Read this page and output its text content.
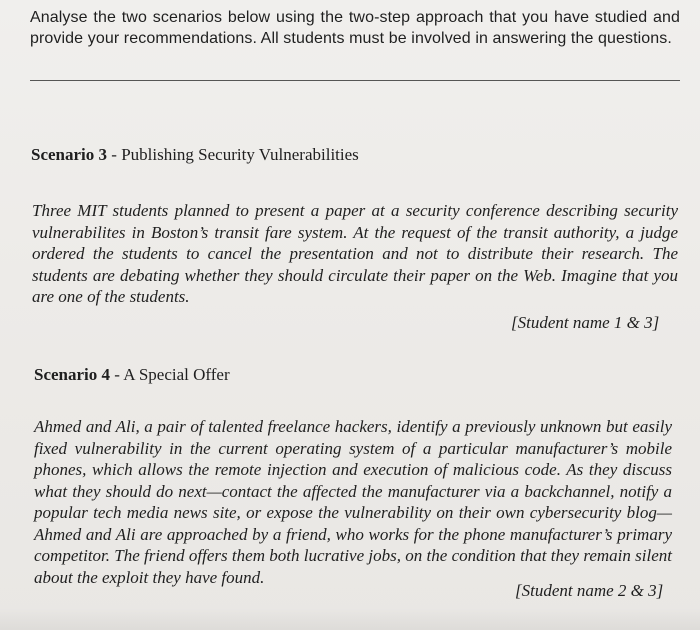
Analyse the two scenarios below using the two-step approach that you have studied and provide your recommendations. All students must be involved in answering the questions.
Scenario 3 - Publishing Security Vulnerabilities
Three MIT students planned to present a paper at a security conference describing security vulnerabilites in Boston’s transit fare system. At the request of the transit authority, a judge ordered the students to cancel the presentation and not to distribute their research. The students are debating whether they should circulate their paper on the Web. Imagine that you are one of the students.
[Student name 1 & 3]
Scenario 4 - A Special Offer
Ahmed and Ali, a pair of talented freelance hackers, identify a previously unknown but easily fixed vulnerability in the current operating system of a particular manufacturer’s mobile phones, which allows the remote injection and execution of malicious code. As they discuss what they should do next—contact the affected the manufacturer via a backchannel, notify a popular tech media news site, or expose the vulnerability on their own cybersecurity blog—Ahmed and Ali are approached by a friend, who works for the phone manufacturer’s primary competitor. The friend offers them both lucrative jobs, on the condition that they remain silent about the exploit they have found.
[Student name 2 & 3]
